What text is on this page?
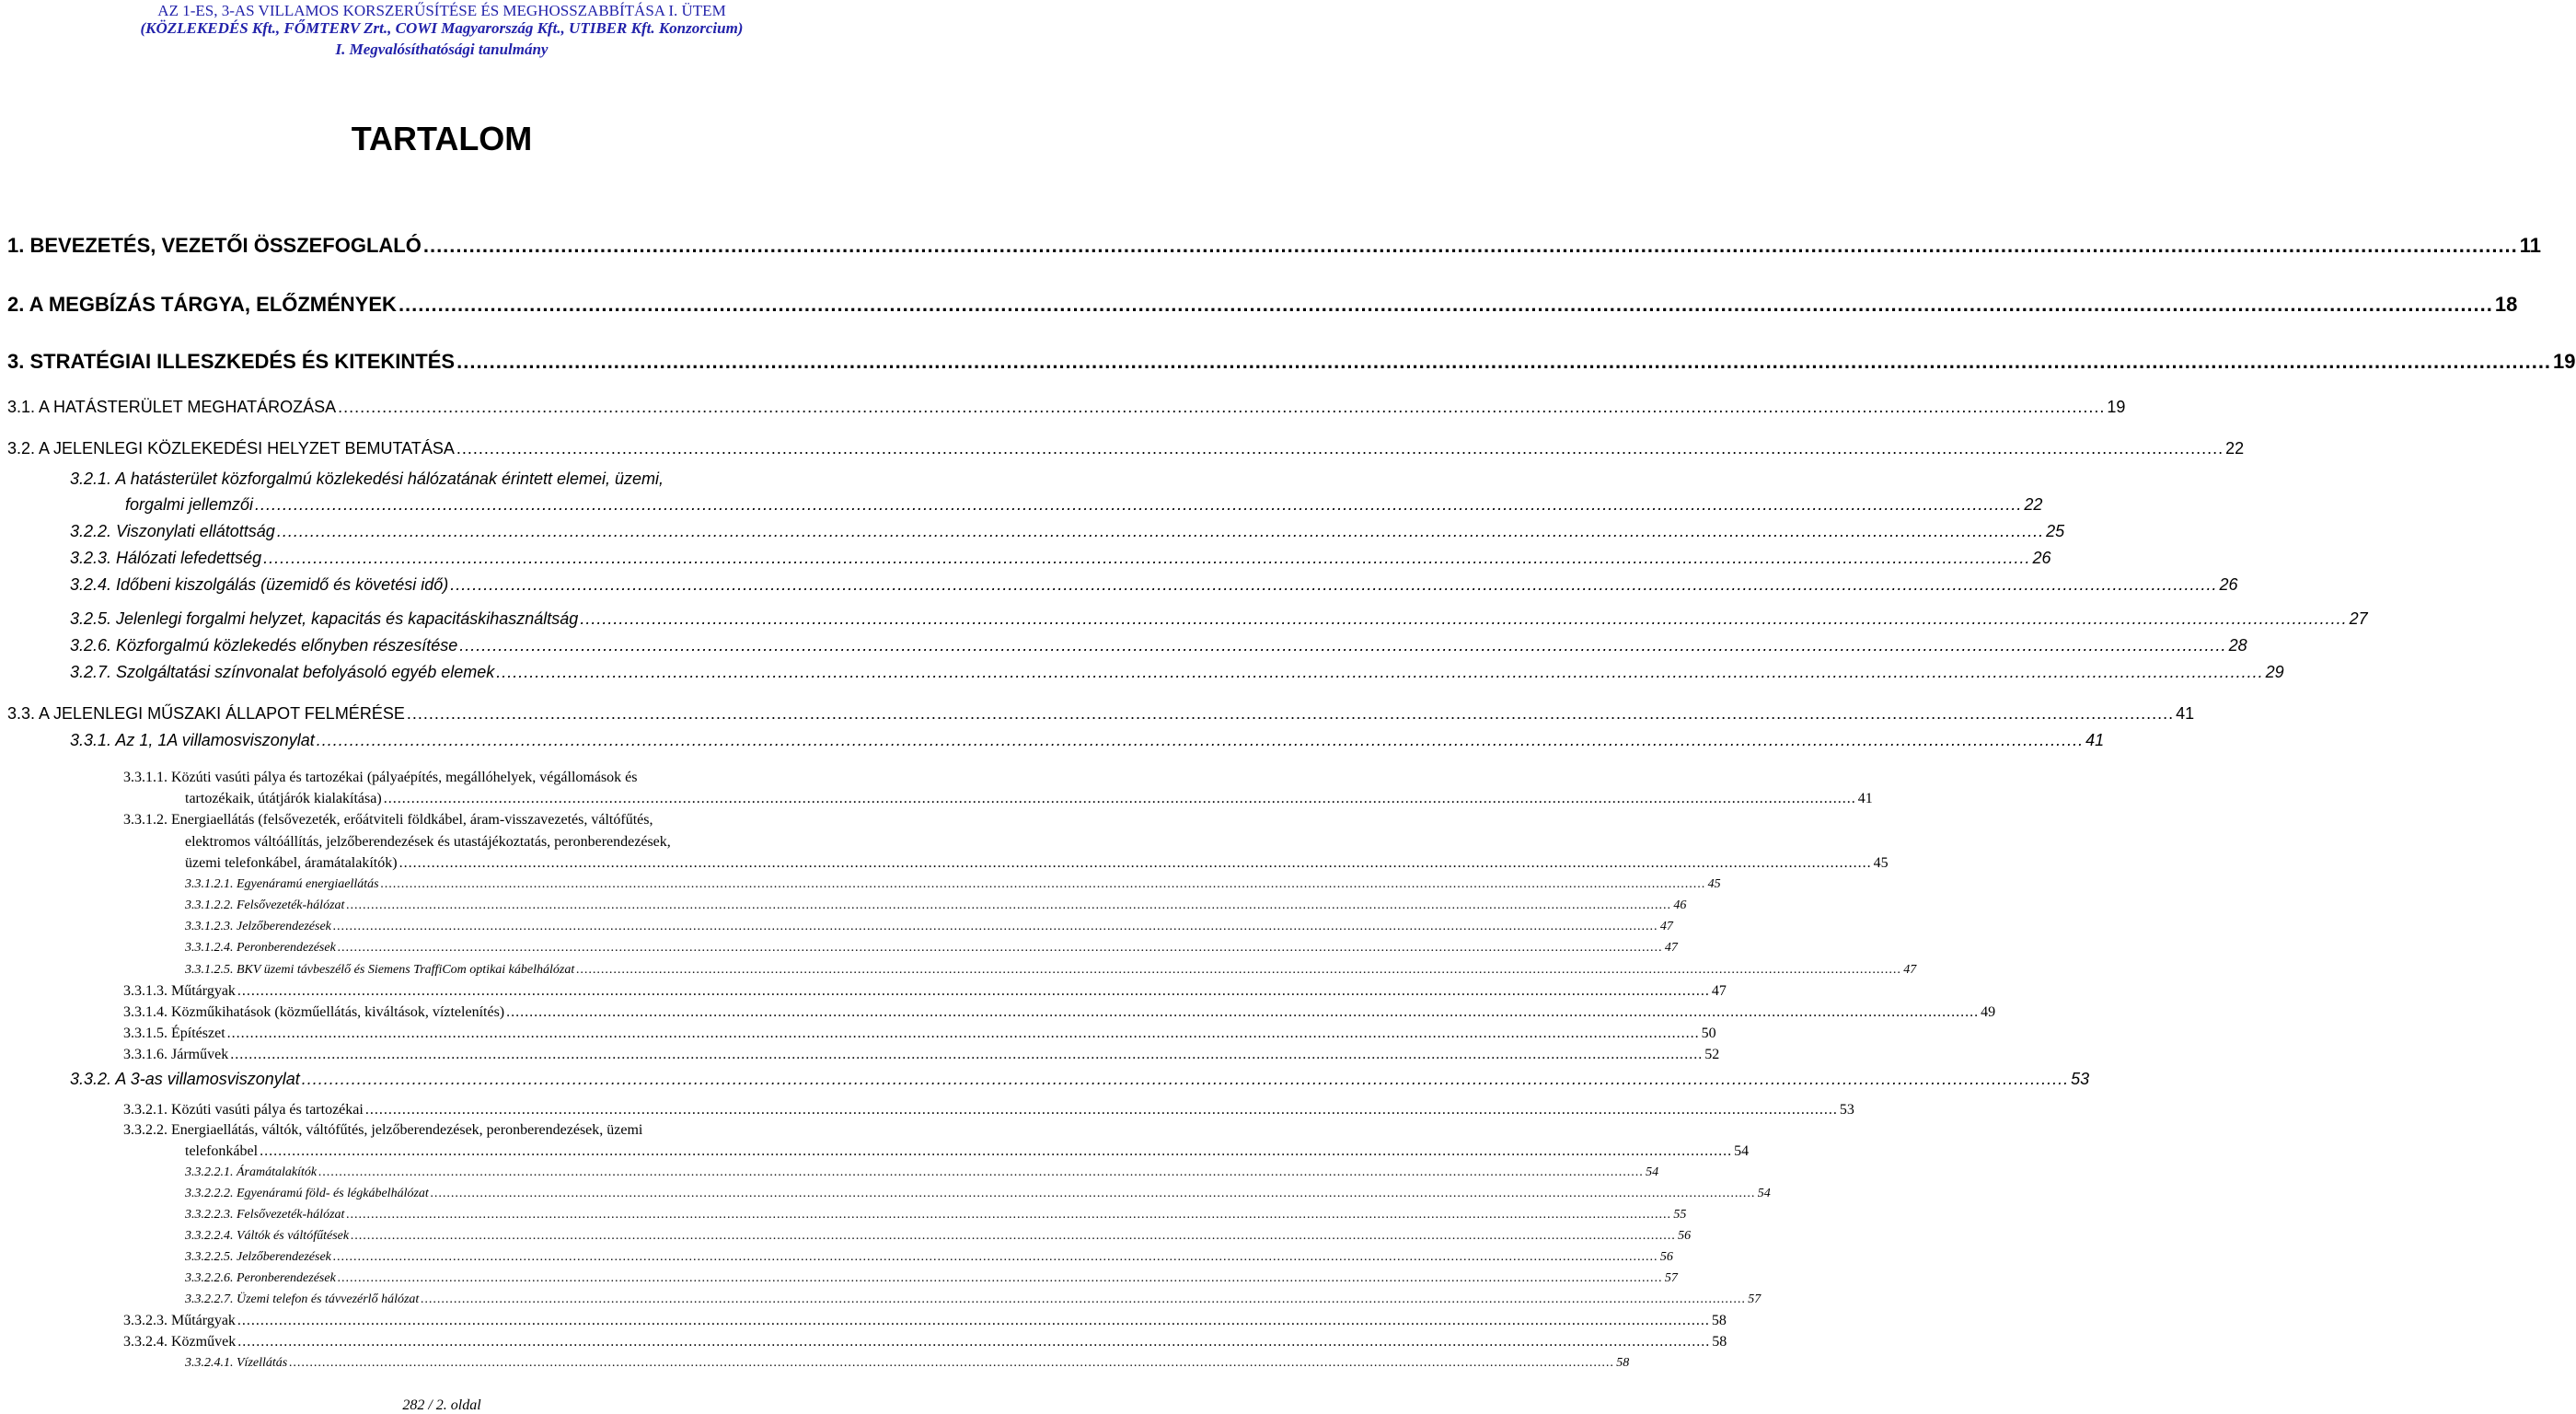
AZ 1-ES, 3-AS VILLAMOS KORSZERŰSÍTÉSE ÉS MEGHOSSZABBÍTÁSA I. ÜTEM
(KÖZLEKEDÉS Kft., FŐMTERV Zrt., COWI Magyarország Kft., UTIBER Kft. Konzorcium)
I. Megvalósíthatósági tanulmány
TARTALOM
1. BEVEZETÉS, VEZETŐI ÖSSZEFOGLALÓ .....	11
2. A MEGBÍZÁS TÁRGYA, ELŐZMÉNYEK .....	18
3. STRATÉGIAI ILLESZKEDÉS ÉS KITEKINTÉS .....	19
3.1. A HATÁSTERÜLET MEGHATÁROZÁSA .....	19
3.2. A JELENLEGI KÖZLEKEDÉSI HELYZET BEMUTATÁSA .....	22
3.2.1. A hatásterület közforgalmú közlekedési hálózatának érintett elemei, üzemi,
forgalmi jellemzői .....	22
3.2.2. Viszonylati ellátottság .....	25
3.2.3. Hálózati lefedettség .....	26
3.2.4. Időbeni kiszolgálás (üzemidő és követési idő) .....	26
3.2.5. Jelenlegi forgalmi helyzet, kapacitás és kapacitáskihasználtság .....	27
3.2.6. Közforgalmú közlekedés előnyben részesítése .....	28
3.2.7. Szolgáltatási színvonalat befolyásoló egyéb elemek .....	29
3.3. A JELENLEGI MŰSZAKI ÁLLAPOT FELMÉRÉSE .....	41
3.3.1. Az 1, 1A villamosviszonylat .....	41
3.3.1.1. Közúti vasúti pálya és tartozékai (pályaépítés, megállóhelyek, végállomások és
tartozékaik, útátjárók kialakítása) .....	41
3.3.1.2. Energiaellátás (felsővezeték, erőátviteli földkábel, áram-visszavezetés, váltófűtés,
elektromos váltóállítás, jelzőberendezések és utastájékoztatás, peronberendezések,
üzemi telefonkábel, áramátalakítók) .....	45
3.3.1.2.1. Egyenáramú energiaellátás .....	45
3.3.1.2.2. Felsővezeték-hálózat .....	46
3.3.1.2.3. Jelzőberendezések .....	47
3.3.1.2.4. Peronberendezések .....	47
3.3.1.2.5. BKV üzemi távbeszélő és Siemens TraffiCom optikai kábelhálózat .....	47
3.3.1.3. Műtárgyak .....	47
3.3.1.4. Közműkihatások (közműellátás, kiváltások, víztelenítés) .....	49
3.3.1.5. Építészet .....	50
3.3.1.6. Járművek .....	52
3.3.2. A 3-as villamosviszonylat .....	53
3.3.2.1. Közúti vasúti pálya és tartozékai .....	53
3.3.2.2. Energiaellátás, váltók, váltófűtés, jelzőberendezések, peronberendezések, üzemi
telefonkábel .....	54
3.3.2.2.1. Áramátalakítók .....	54
3.3.2.2.2. Egyenáramú föld- és légkábelhálózat .....	54
3.3.2.2.3. Felsővezeték-hálózat .....	55
3.3.2.2.4. Váltók és váltófűtések .....	56
3.3.2.2.5. Jelzőberendezések .....	56
3.3.2.2.6. Peronberendezések .....	57
3.3.2.2.7. Üzemi telefon és távvezérlő hálózat .....	57
3.3.2.3. Műtárgyak .....	58
3.3.2.4. Közművek .....	58
3.3.2.4.1. Vízellátás .....	58
282 / 2. oldal
